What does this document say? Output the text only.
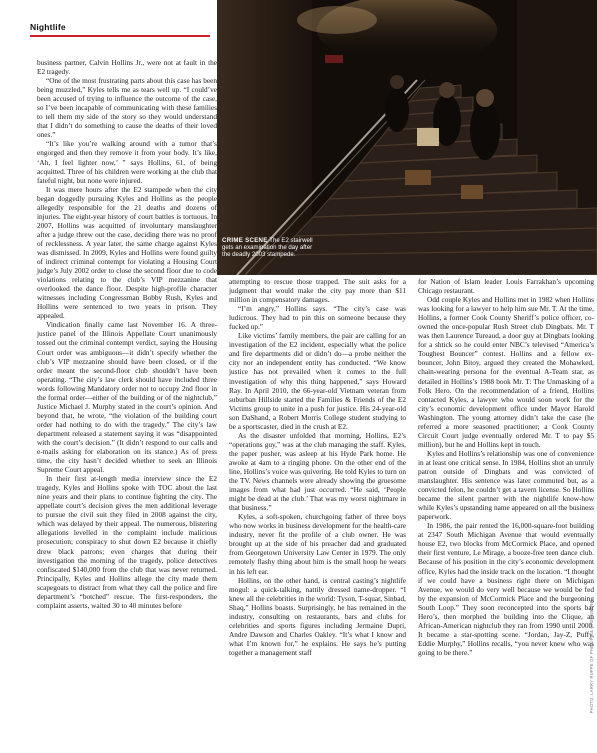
Nightlife
CRIME SCENE The E2 stairwell gets an examination the day after the deadly 2003 stampede.

business partner, Calvin Hollins Jr., were not at fault in the E2 tragedy.

“One of the most frustrating parts about this case has been being muzzled,” Kyles tells me as tears well up. “I could’ve been accused of trying to influence the outcome of the case, so I’ve been incapable of communicating with these families to tell them my side of the story so they would understand that I didn’t do something to cause the deaths of their loved ones.”

“It’s like you’re walking around with a tumor that’s engorged and then they remove it from your body. It’s like, ‘Ah, I feel lighter now,’ ” says Hollins, 61, of being acquitted. Three of his children were working at the club that fateful night, but none were injured.

It was mere hours after the E2 stampede when the city began doggedly pursuing Kyles and Hollins as the people allegedly responsible for the 21 deaths and dozens of injuries. The eight-year history of court battles is tortuous. In 2007, Hollins was acquitted of involuntary manslaughter after a judge threw out the case, deciding there was no proof of recklessness. A year later, the same charge against Kyles was dismissed. In 2009, Kyles and Hollins were found guilty of indirect criminal contempt for violating a Housing Court judge’s July 2002 order to close the second floor due to code violations relating to the club’s VIP mezzanine that overlooked the dance floor. Despite high-profile character witnesses including Congressman Bobby Rush, Kyles and Hollins were sentenced to two years in prison. They appealed.

Vindication finally came last November 16. A three-justice panel of the Illinois Appellate Court unanimously tossed out the criminal contempt verdict, saying the Housing Court order was ambiguous—it didn’t specify whether the club’s VIP mezzanine should have been closed, or if the order meant the second-floor club shouldn’t have been operating. “The city’s law clerk should have included three words following Mandatory order not to occupy 2nd floor in the formal order—either of the building or of the nightclub,” Justice Michael J. Murphy stated in the court’s opinion. And beyond that, he wrote, “the violation of the building court order had nothing to do with the tragedy.” The city’s law department released a statement saying it was “disappointed with the court’s decision.” (It didn’t respond to our calls and e-mails asking for elaboration on its stance.) As of press time, the city hasn’t decided whether to seek an Illinois Supreme Court appeal.

In their first at-length media interview since the E2 tragedy, Kyles and Hollins spoke with TOC about the last nine years and their plans to continue fighting the city. The appellate court’s decision gives the men additional leverage to pursue the civil suit they filed in 2008 against the city, which was delayed by their appeal. The numerous, blistering allegations levelled in the complaint include malicious prosecution; conspiracy to shut down E2 because it chiefly drew black patrons; even charges that during their investigation the morning of the tragedy, police detectives confiscated $140,000 from the club that was never returned. Principally, Kyles and Hollins allege the city made them scapegoats to distract from what they call the police and fire department’s “botched” rescue. The first-responders, the complaint asserts, waited 30 to 40 minutes before

attempting to rescue those trapped. The suit asks for a judgment that would make the city pay more than $11 million in compensatory damages.

“I’m angry,” Hollins says. “The city’s case was ludicrous. They had to pin this on someone because they fucked up.”

Like victims’ family members, the pair are calling for an investigation of the E2 incident, especially what the police and fire departments did or didn’t do—a probe neither the city nor an independent entity has conducted. “We know justice has not prevailed when it comes to the full investigation of why this thing happened,” says Howard Ray. In April 2010, the 66-year-old Vietnam veteran from suburban Hillside started the Families & Friends of the E2 Victims group to unite in a push for justice. His 24-year-old son DaShand, a Robert Morris College student studying to be a sportscaster, died in the crush at E2.

As the disaster unfolded that morning, Hollins, E2’s “operations guy,” was at the club managing the staff. Kyles, the paper pusher, was asleep at his Hyde Park home. He awoke at 4am to a ringing phone. On the other end of the line, Hollins’s voice was quivering. He told Kyles to turn on the TV. News channels were already showing the gruesome images from what had just occurred. “He said, ‘People might be dead at the club.’ That was my worst nightmare in that business.”

Kyles, a soft-spoken, churchgoing father of three boys who now works in business development for the health-care industry, never fit the profile of a club owner. He was brought up at the side of his preacher dad and graduated from Georgetown University Law Center in 1979. The only remotely flashy thing about him is the small hoop he wears in his left ear.

Hollins, on the other hand, is central casting’s nightlife mogul: a quick-talking, nattily dressed name-dropper. “I knew all the celebrities in the world: Tyson, T-squar, Sinbad, Shaq,” Hollins boasts. Surprisingly, he has remained in the industry, consulting on restaurants, bars and clubs for celebrities and sports figures including Jermaine Dupri, Andre Dawson and Charles Oakley. “It’s what I know and what I’m known for,” he explains. He says he’s putting together a management staff

for Nation of Islam leader Louis Farrakhan’s upcoming Chicago restaurant.

Odd couple Kyles and Hollins met in 1982 when Hollins was looking for a lawyer to help him sue Mr. T. At the time, Hollins, a former Cook County Sheriff’s police officer, co-owned the once-popular Rush Street club Dingbats. Mr. T was then Laurence Tureaud, a door guy at Dingbats looking for a shtick so he could enter NBC’s televised “America’s Toughest Bouncer” contest. Hollins and a fellow ex-bouncer, John Bitoy, argued they created the Mohawked, chain-wearing persona for the eventual A-Team star, as detailed in Hollins’s 1988 book Mr. T: The Unmasking of a Folk Hero. On the recommendation of a friend, Hollins contacted Kyles, a lawyer who would soon work for the city’s economic development office under Mayor Harold Washington. The young attorney didn’t take the case (he referred a more seasoned practitioner; a Cook County Circuit Court judge eventually ordered Mr. T to pay $5 million), but he and Hollins kept in touch.

Kyles and Hollins’s relationship was one of convenience in at least one critical sense. In 1984, Hollins shot an unruly patron outside of Dingbats and was convicted of manslaughter. His sentence was later commuted but, as a convicted felon, he couldn’t get a tavern license. So Hollins became the silent partner with the nightlife know-how while Kyles’s upstanding name appeared on all the business paperwork.

In 1986, the pair rented the 16,000-square-foot building at 2347 South Michigan Avenue that would eventually house E2, two blocks from McCormick Place, and opened their first venture, Le Mirage, a booze-free teen dance club. Because of his position in the city’s economic development office, Kyles had the inside track on the location. “I thought if we could have a business right there on Michigan Avenue, we would do very well because we would be fed by the expansion of McCormick Place and the burgeoning South Loop.” They soon reconcepted into the sports bar Hero’s, then morphed the building into the Clique, an African-American nightclub they ran from 1990 until 2000. It became a star-spotting scene. “Jordan, Jay-Z, Puffy, Eddie Murphy,” Hollins recalls, “you never knew who was going to be there.”	PHOTO: LARRY RUPPE OF PHILLIPS & GREENBERG
